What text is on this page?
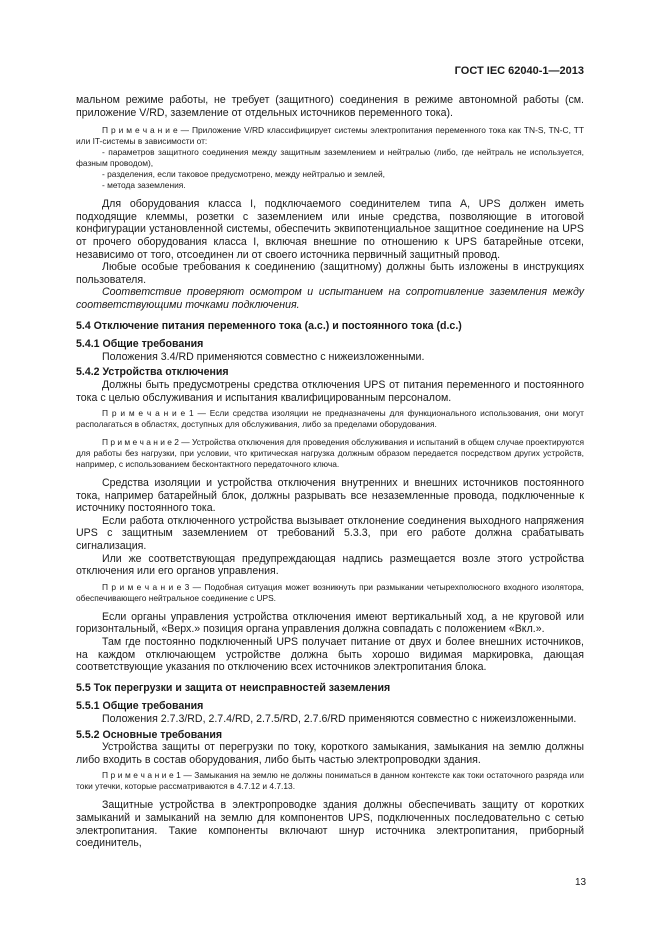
ГОСТ IEC 62040-1—2013

мальном режиме работы, не требует (защитного) соединения в режиме автономной работы (см. приложение V/RD, заземление от отдельных источников переменного тока).

П р и м е ч а н и е — Приложение V/RD классифицирует системы электропитания переменного тока как TN-S, TN-C, TT или IT-системы в зависимости от:

- параметров защитного соединения между защитным заземлением и нейтралью (либо, где нейтраль не используется, фазным проводом),

- разделения, если таковое предусмотрено, между нейтралью и землей,

- метода заземления.

Для оборудования класса I, подключаемого соединителем типа A, UPS должен иметь подходящие клеммы, розетки с заземлением или иные средства, позволяющие в итоговой конфигурации установленной системы, обеспечить эквипотенциальное защитное соединение на UPS от прочего оборудования класса I, включая внешние по отношению к UPS батарейные отсеки, независимо от того, отсоединен ли от своего источника первичный защитный провод.

Любые особые требования к соединению (защитному) должны быть изложены в инструкциях пользователя.

Соответствие проверяют осмотром и испытанием на сопротивление заземления между соответствующими точками подключения.

5.4 Отключение питания переменного тока (а.с.) и постоянного тока (d.c.)

5.4.1 Общие требования

Положения 3.4/RD применяются совместно с нижеизложенными.

5.4.2 Устройства отключения

Должны быть предусмотрены средства отключения UPS от питания переменного и постоянного тока с целью обслуживания и испытания квалифицированным персоналом.

П р и м е ч а н и е 1 — Если средства изоляции не предназначены для функционального использования, они могут располагаться в областях, доступных для обслуживания, либо за пределами оборудования.

П р и м е ч а н и е 2 — Устройства отключения для проведения обслуживания и испытаний в общем случае проектируются для работы без нагрузки, при условии, что критическая нагрузка должным образом передается посредством других устройств, например, с использованием бесконтактного передаточного ключа.

Средства изоляции и устройства отключения внутренних и внешних источников постоянного тока, например батарейный блок, должны разрывать все незаземленные провода, подключенные к источнику постоянного тока.

Если работа отключенного устройства вызывает отклонение соединения выходного напряжения UPS с защитным заземлением от требований 5.3.3, при его работе должна срабатывать сигнализация.

Или же соответствующая предупреждающая надпись размещается возле этого устройства отключения или его органов управления.

П р и м е ч а н и е 3 — Подобная ситуация может возникнуть при размыкании четырехполюсного входного изолятора, обеспечивающего нейтральное соединение с UPS.

Если органы управления устройства отключения имеют вертикальный ход, а не круговой или горизонтальный, «Верх.» позиция органа управления должна совпадать с положением «Вкл.».

Там где постоянно подключенный UPS получает питание от двух и более внешних источников, на каждом отключающем устройстве должна быть хорошо видимая маркировка, дающая соответствующие указания по отключению всех источников электропитания блока.

5.5 Ток перегрузки и защита от неисправностей заземления

5.5.1 Общие требования

Положения 2.7.3/RD, 2.7.4/RD, 2.7.5/RD, 2.7.6/RD применяются совместно с нижеизложенными.

5.5.2 Основные требования

Устройства защиты от перегрузки по току, короткого замыкания, замыкания на землю должны либо входить в состав оборудования, либо быть частью электропроводки здания.

П р и м е ч а н и е 1 — Замыкания на землю не должны пониматься в данном контексте как токи остаточного разряда или токи утечки, которые рассматриваются в 4.7.12 и 4.7.13.

Защитные устройства в электропроводке здания должны обеспечивать защиту от коротких замыканий и замыканий на землю для компонентов UPS, подключенных последовательно с сетью электропитания. Такие компоненты включают шнур источника электропитания, приборный соединитель,

13
